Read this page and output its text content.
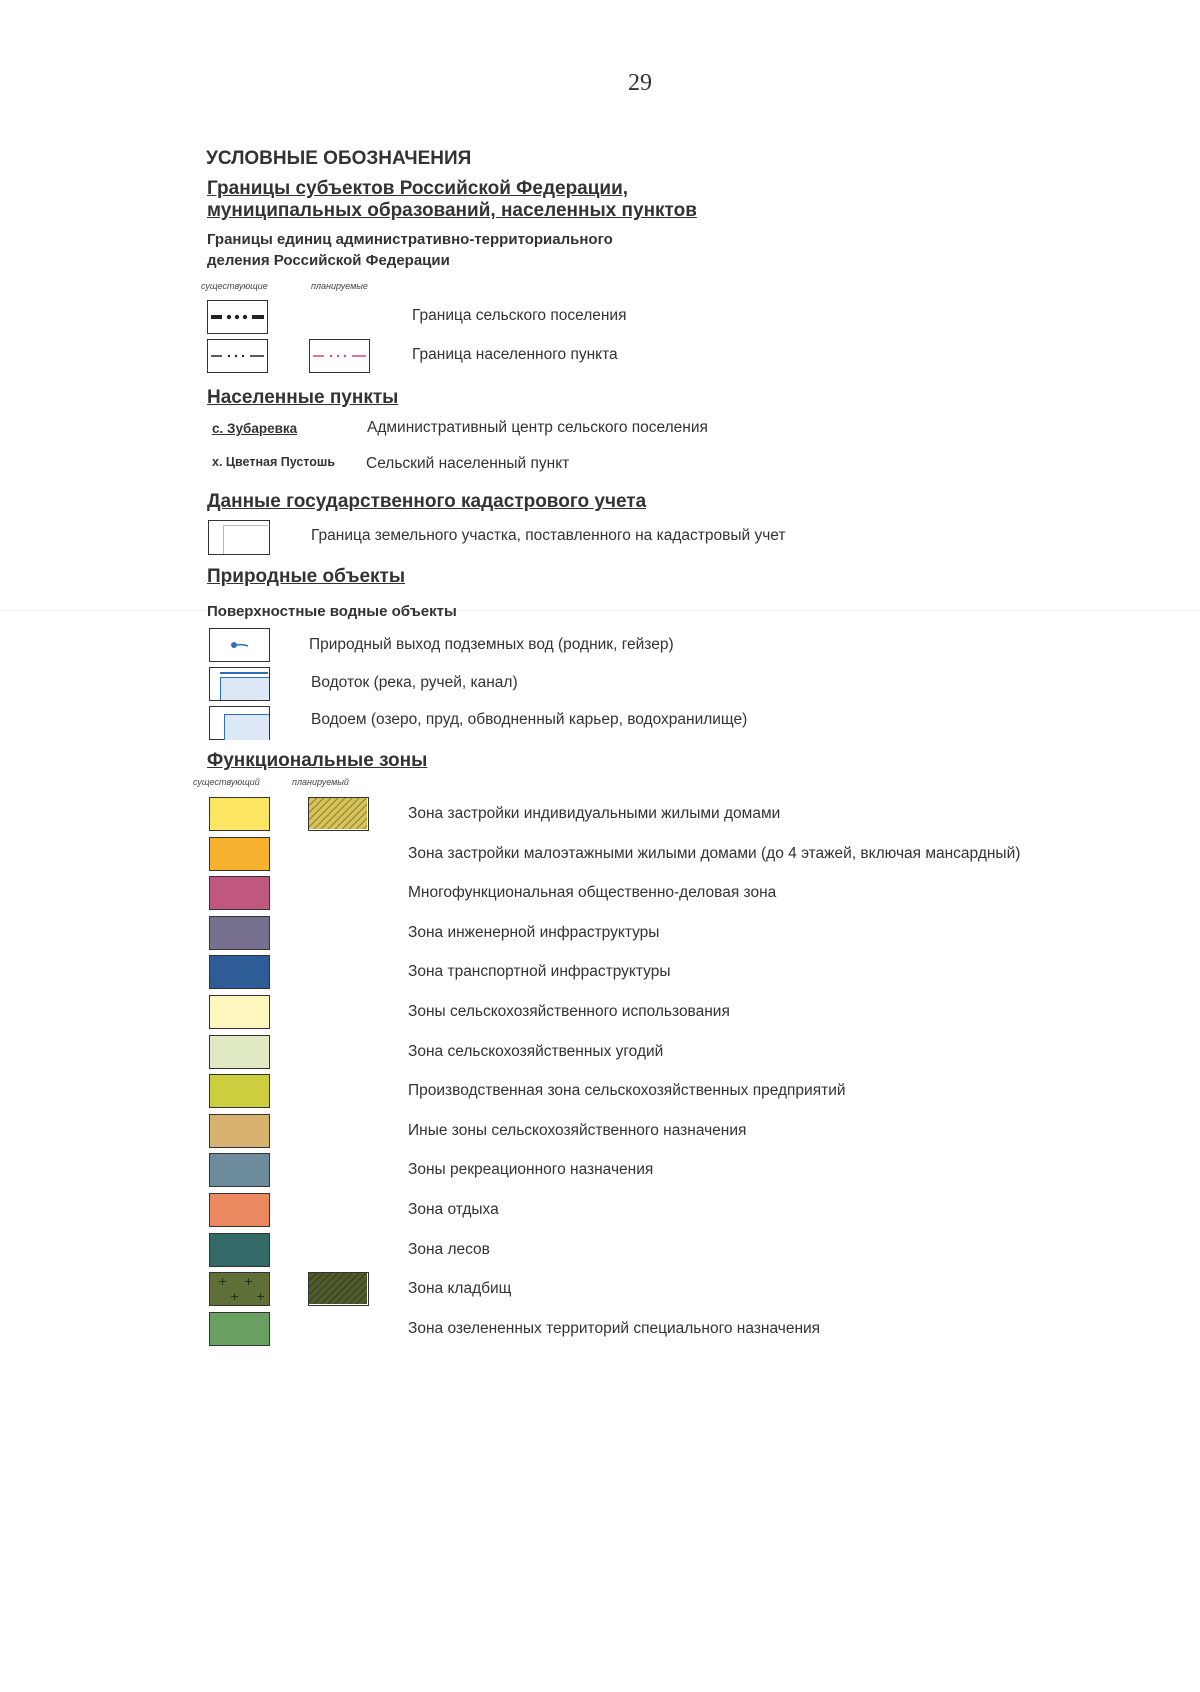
29
УСЛОВНЫЕ ОБОЗНАЧЕНИЯ
Границы субъектов Российской Федерации,
муниципальных образований, населенных пунктов
Границы единиц административно-территориального
деления Российской Федерации
существующие	планируемые
Граница сельского поселения
Граница населенного пункта
Населенные пункты
с. Зубаревка	Административный центр сельского поселения
х. Цветная Пустошь Сельский населенный пункт
Данные государственного кадастрового учета
Граница земельного участка, поставленного на кадастровый учет
Природные объекты
Поверхностные водные объекты
Природный выход подземных вод (родник, гейзер)
Водоток (река, ручей, канал)
Водоем (озеро, пруд, обводненный карьер, водохранилище)
Функциональные зоны
существующий	планируемый
Зона застройки индивидуальными жилыми домами
Зона застройки малоэтажными жилыми домами (до 4 этажей, включая мансардный)
Многофункциональная общественно-деловая зона
Зона инженерной инфраструктуры
Зона транспортной инфраструктуры
Зоны сельскохозяйственного использования
Зона сельскохозяйственных угодий
Производственная зона сельскохозяйственных предприятий
Иные зоны сельскохозяйственного назначения
Зоны рекреационного назначения
Зона отдыха
Зона лесов
+ +
+ +	Зона кладбищ
Зона озелененных территорий специального назначения
